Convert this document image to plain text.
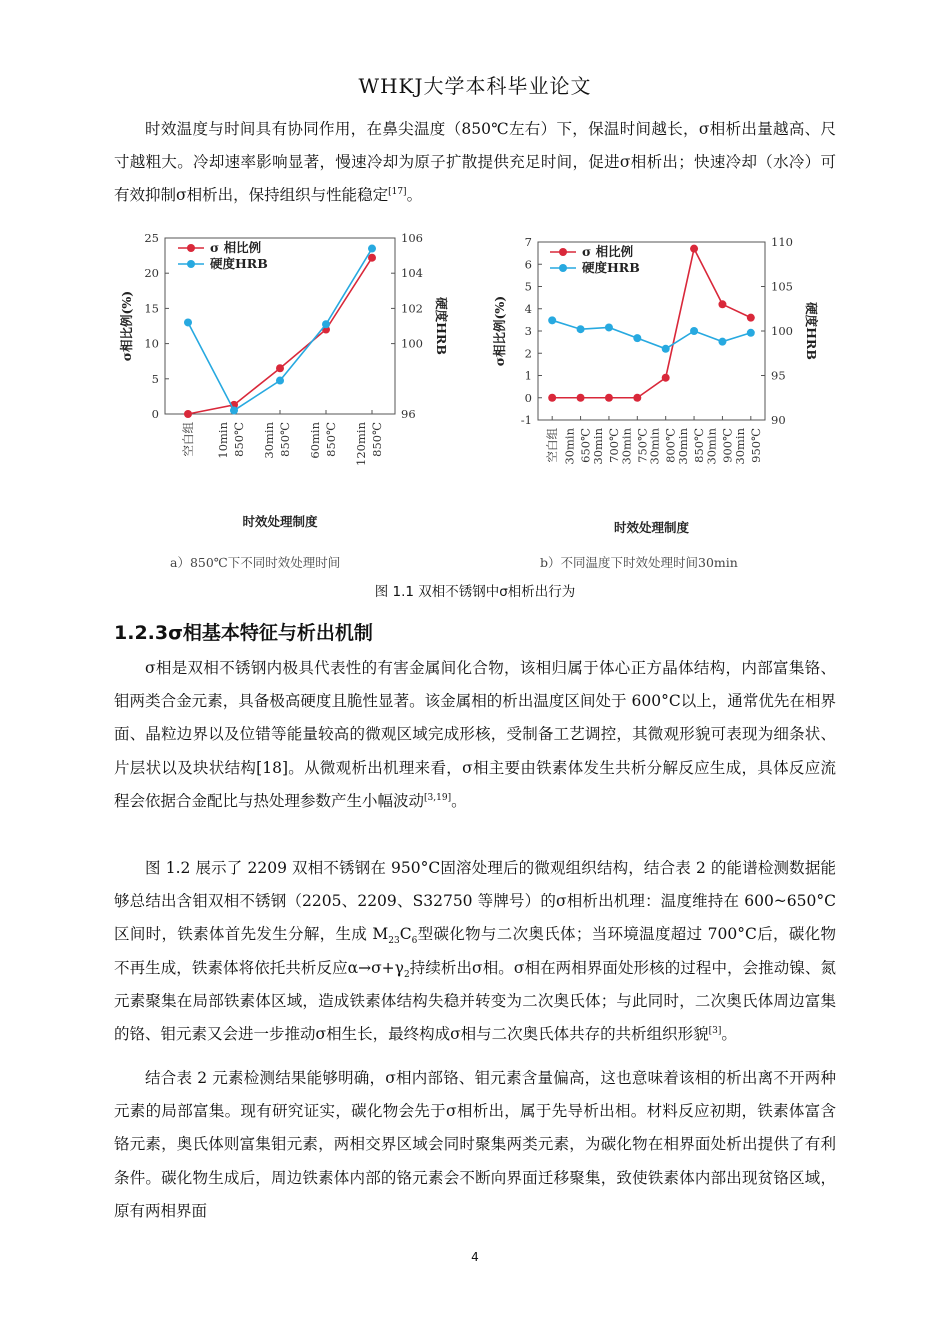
WHKJ大学本科毕业论文

时效温度与时间具有协同作用，在鼻尖温度（850℃左右）下，保温时间越长，σ相析出量越高、尺寸越粗大。冷却速率影响显著，慢速冷却为原子扩散提供充足时间，促进σ相析出；快速冷却（水冷）可有效抑制σ相析出，保持组织与性能稳定[17]。

0
5
10
15
20
25
96
100
102
104
106
空白组 10min 850℃ 30min 850℃ 60min 850℃ 120min 850℃
时效处理制度
σ相比例(%)	硬度HRB
σ 相比例
硬度HRB
-1
0
1
2
3
4
5
6
7
90
95
100
105
110
空白组 30min 650℃
30min 700℃
30min 750℃
30min 800℃
30min 850℃
30min 900℃
30min 950℃
时效处理制度
σ相比例(%)	硬度HRB
σ 相比例
硬度HRB
a）850℃下不同时效处理时间	b）不同温度下时效处理时间30min
图 1.1 双相不锈钢中σ相析出行为
1.2.3σ相基本特征与析出机制

σ相是双相不锈钢内极具代表性的有害金属间化合物，该相归属于体心正方晶体结构，内部富集铬、钼两类合金元素，具备极高硬度且脆性显著。该金属相的析出温度区间处于 600°C以上，通常优先在相界面、晶粒边界以及位错等能量较高的微观区域完成形核，受制备工艺调控，其微观形貌可表现为细条状、片层状以及块状结构[18]。从微观析出机理来看，σ相主要由铁素体发生共析分解反应生成，具体反应流程会依据合金配比与热处理参数产生小幅波动[3,19]。

图 1.2 展示了 2209 双相不锈钢在 950°C固溶处理后的微观组织结构，结合表 2 的能谱检测数据能够总结出含钼双相不锈钢（2205、2209、S32750 等牌号）的σ相析出机理：温度维持在 600~650°C区间时，铁素体首先发生分解，生成 $M_{23}C_6$型碳化物与二次奥氏体；当环境温度超过 700°C后，碳化物不再生成，铁素体将依托共析反应$\alpha\to\sigma+\gamma_2$持续析出σ相。σ相在两相界面处形核的过程中，会推动镍、氮元素聚集在局部铁素体区域，造成铁素体结构失稳并转变为二次奥氏体；与此同时，二次奥氏体周边富集的铬、钼元素又会进一步推动σ相生长，最终构成σ相与二次奥氏体共存的共析组织形貌[3]。

结合表 2 元素检测结果能够明确，σ相内部铬、钼元素含量偏高，这也意味着该相的析出离不开两种元素的局部富集。现有研究证实，碳化物会先于σ相析出，属于先导析出相。材料反应初期，铁素体富含铬元素，奥氏体则富集钼元素，两相交界区域会同时聚集两类元素，为碳化物在相界面处析出提供了有利条件。碳化物生成后，周边铁素体内部的铬元素会不断向界面迁移聚集，致使铁素体内部出现贫铬区域，原有两相界面

4
